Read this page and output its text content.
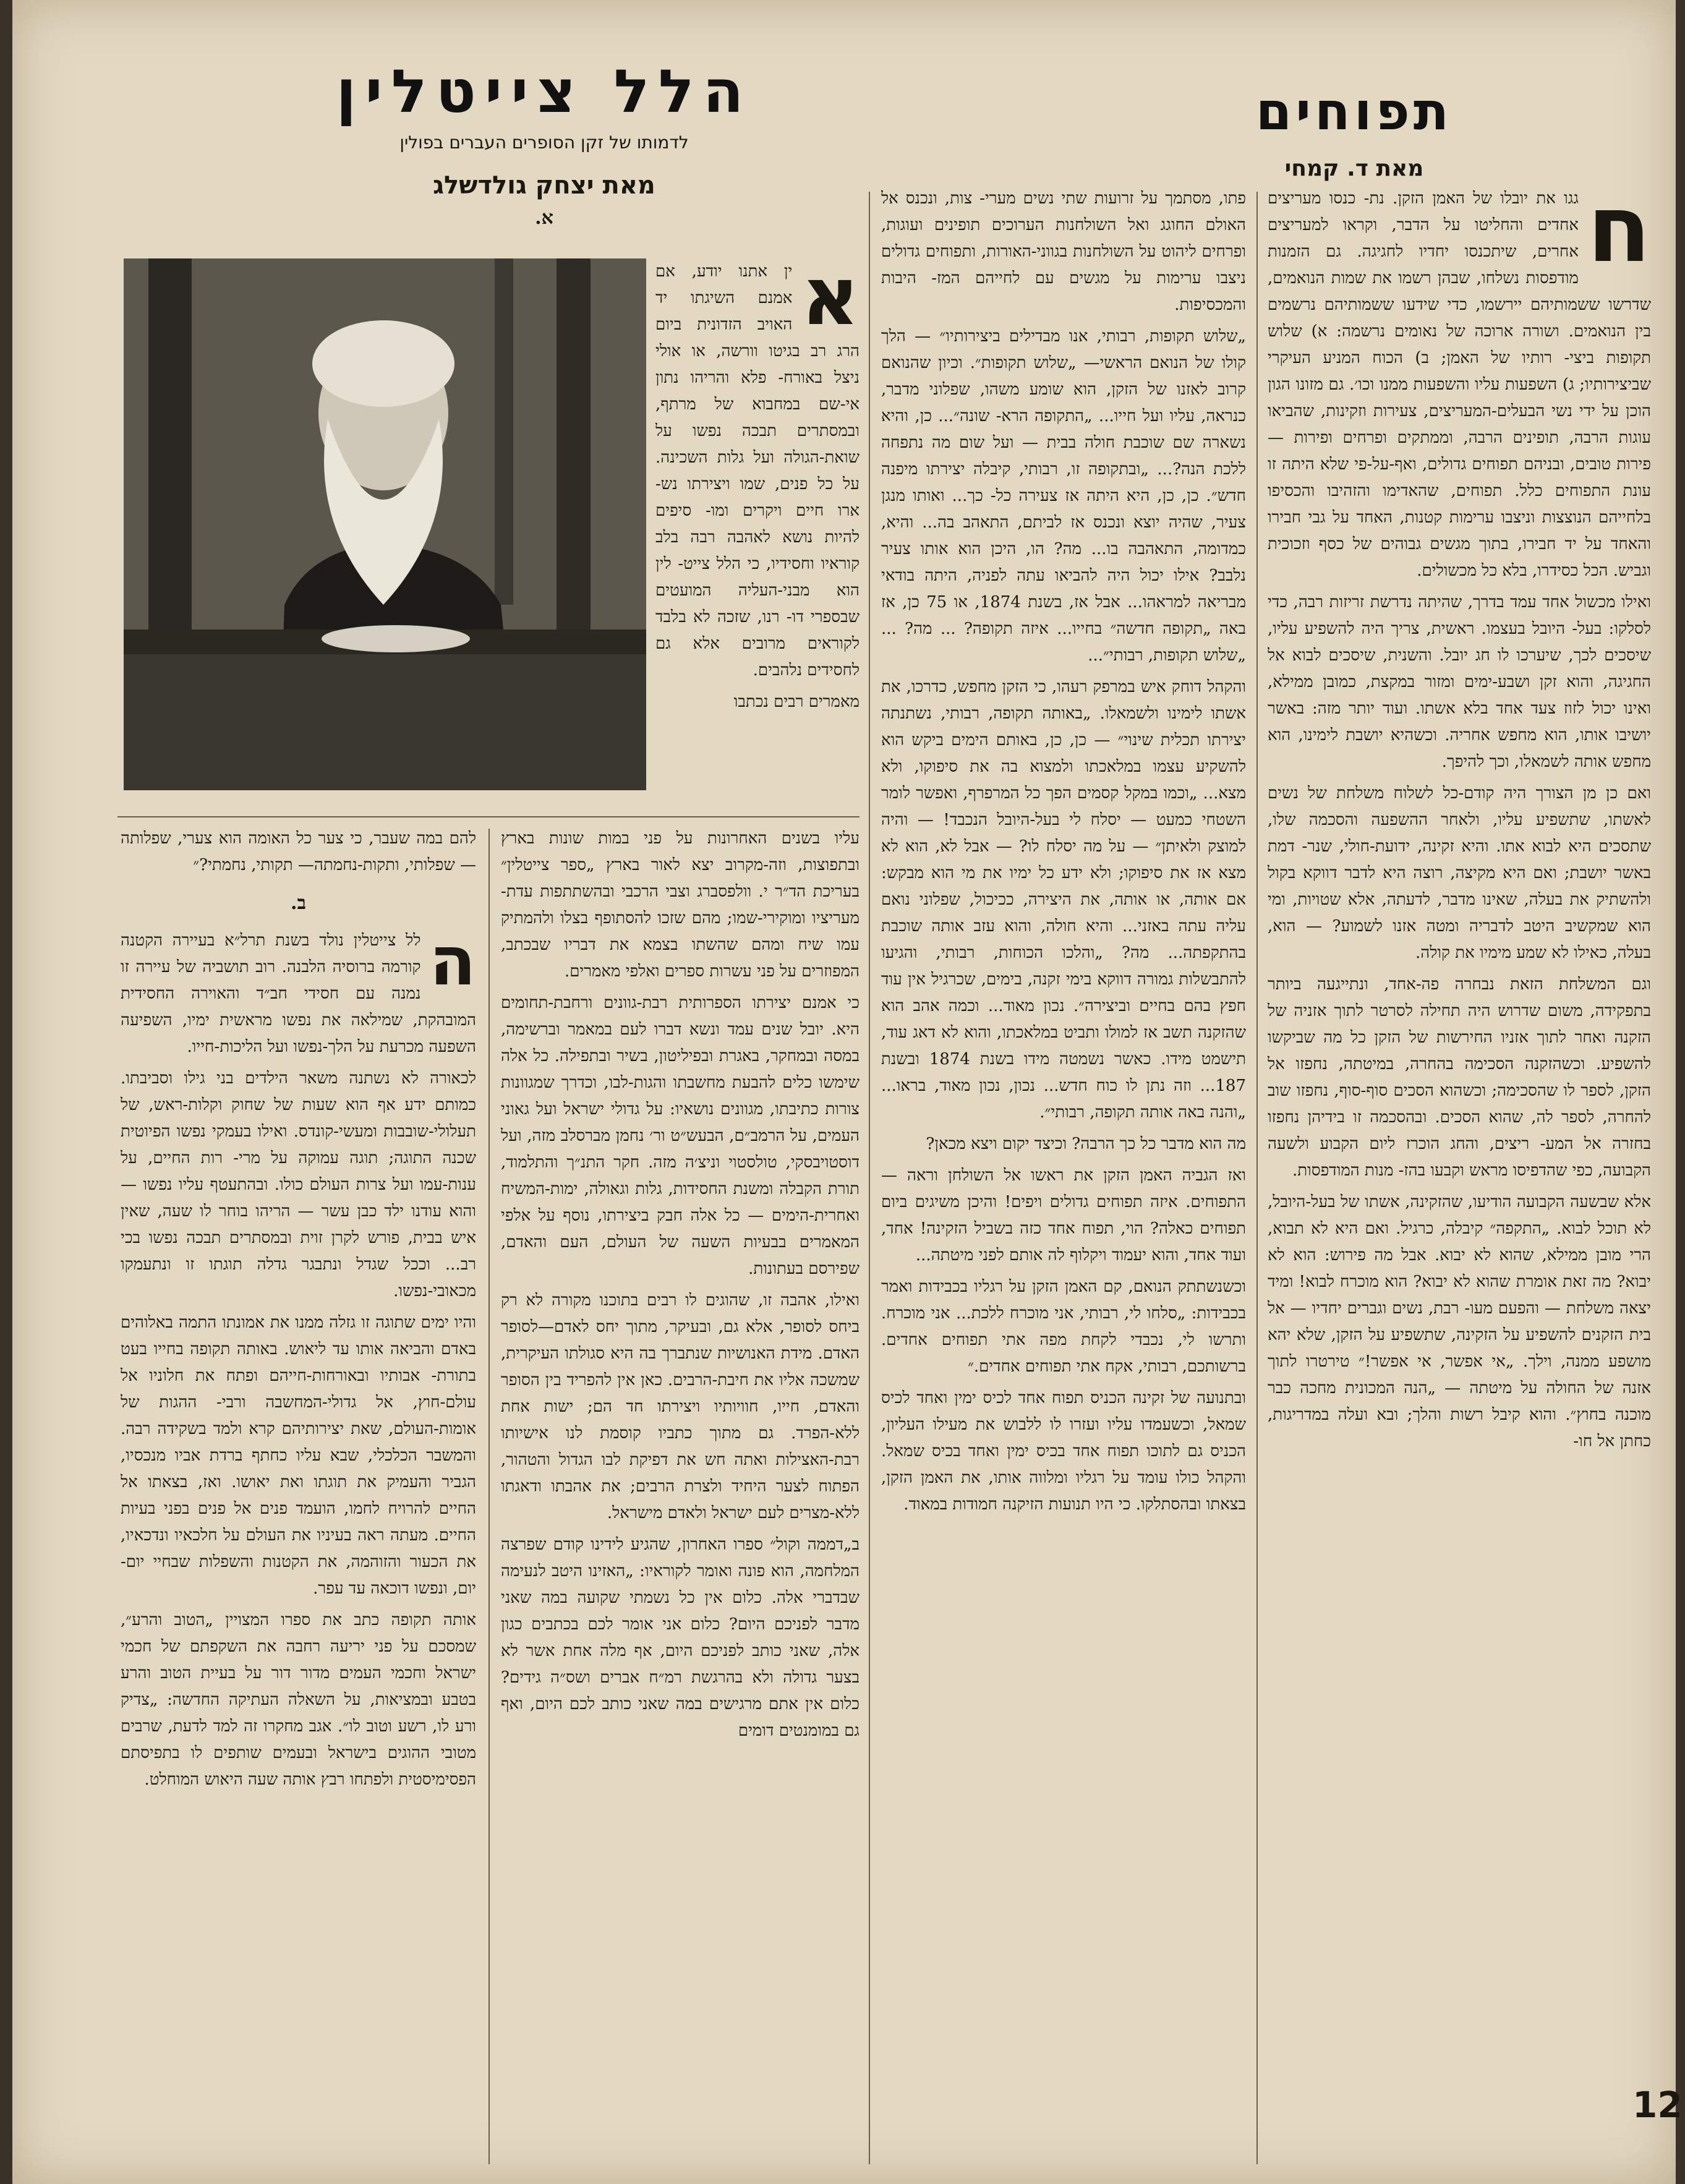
תפוחים
מאת ד. קמחי
הלל צייטלין
לדמותו של זקן הסופרים העברים בפולין
מאת יצחק גולדשלג
א.	ח

גגו את יובלו של האמן הזקן. נת- כנסו מעריצים אחדים והחליטו על הדבר, וקראו למעריצים אחרים, שיתכנסו יחדיו לחגיגה. גם הזמנות מודפסות נשלחו, שבהן רשמו את שמות הנואמים, שדרשו ששמותיהם יירשמו, כדי שידעו ששמותיהם נרשמים בין הנואמים. ושורה ארוכה של נאומים נרשמה: א) שלוש תקופות ביצי- רותיו של האמן; ב) הכוח המניע העיקרי שביצירותיו; ג) השפעות עליו והשפעות ממנו וכו׳. גם מזונו הגון הוכן על ידי נשי הבעלים-המעריצים, צעירות וזקינות, שהביאו עוגות הרבה, תופינים הרבה, וממתקים ופרחים ופירות — פירות טובים, ובניהם תפוחים גדולים, ואף-על-פי שלא היתה זו עונת התפוחים כלל. תפוחים, שהאדימו והזהיבו והכסיפו בלחייהם הנוצצות וניצבו ערימות קטנות, האחד על גבי חבירו והאחד על יד חבירו, בתוך מגשים גבוהים של כסף וזכוכית וגביש. הכל כסידרו, בלא כל מכשולים.

ואילו מכשול אחד עמד בדרך, שהיתה נדרשת זריזות רבה, כדי לסלקו: בעל- היובל בעצמו. ראשית, צריך היה להשפיע עליו, שיסכים לכך, שיערכו לו חג יובל. והשנית, שיסכים לבוא אל החגיגה, והוא זקן ושבע-ימים ומזור במקצת, כמובן ממילא, ואינו יכול לזוז צעד אחד בלא אשתו. ועוד יותר מזה: באשר יושיבו אותו, הוא מחפש אחריה. וכשהיא יושבת לימינו, הוא מחפש אותה לשמאלו, וכך להיפך.

ואם כן מן הצורך היה קודם-כל לשלוח משלחת של נשים לאשתו, שתשפיע עליו, ולאחר ההשפעה והסכמה שלו, שתסכים היא לבוא אתו. והיא זקינה, ידועת-חולי, שנר- דמת באשר יושבת; ואם היא מקיצה, רוצה היא לדבר דווקא בקול ולהשתיק את בעלה, שאינו מדבר, לדעתה, אלא שטויות, ומי הוא שמקשיב היטב לדבריה ומטה אזנו לשמוע? — הוא, בעלה, כאילו לא שמע מימיו את קולה.

וגם המשלחת הזאת נבחרה פה-אחד, ונתייגעה ביותר בתפקידה, משום שדרוש היה תחילה לסרטר לתוך אזניה של הזקנה ואחר לתוך אזניו החירשות של הזקן כל מה שביקשו להשפיע. וכשהזקנה הסכימה בהחרה, במיטתה, נחפזו אל הזקן, לספר לו שהסכימה; וכשהוא הסכים סוף-סוף, נחפזו שוב להחרה, לספר לה, שהוא הסכים. ובהסכמה זו בידיהן נחפזו בחזרה אל המע- ריצים, והחג הוכרז ליום הקבוע ולשעה הקבועה, כפי שהדפיסו מראש וקבעו בהז- מנות המודפסות.

אלא שבשעה הקבועה הודיעו, שהזקינה, אשתו של בעל-היובל, לא תוכל לבוא. „התקפה״ קיבלה, כרגיל. ואם היא לא תבוא, הרי מובן ממילא, שהוא לא יבוא. אבל מה פירוש: הוא לא יבוא? מה זאת אומרת שהוא לא יבוא? הוא מוכרח לבוא! ומיד יצאה משלחת — והפעם מעו- רבת, נשים וגברים יחדיו — אל בית הזקנים להשפיע על הזקינה, שתשפיע על הזקן, שלא יהא מושפע ממנה, וילך. „אי אפשר, אי אפשר!״ טירטרו לתוך אזנה של החולה על מיטתה — „הנה המכונית מחכה כבר מוכנה בחוץ״. והוא קיבל רשות והלך; ובא ועלה במדריגות, כחתן אל חו-

פתו, מסתמך על זרועות שתי נשים מערי- צות, ונכנס אל האולם החוגג ואל השולחנות הערוכים תופינים ועוגות, ופרחים ליהוט על השולחנות בגווני-האורות, ותפוחים גדולים ניצבו ערימות על מגשים עם לחייהם המז- היבות והמכסיפות.

„שלוש תקופות, רבותי, אנו מבדילים ביצירותיו״ — הלך קולו של הנואם הראשי— „שלוש תקופות״. וכיון שהנואם קרוב לאזנו של הזקן, הוא שומע משהו, שפלוני מדבר, כנראה, עליו ועל חייו... „התקופה הרא- שונה״... כן, והיא נשארה שם שוכבת חולה בבית — ועל שום מה נתפחה ללכת הנה?... „ובתקופה זו, רבותי, קיבלה יצירתו מיפנה חדש״. כן, כן, היא היתה אז צעירה כל- כך... ואותו מנגן צעיר, שהיה יוצא ונכנס אז לביתם, התאהב בה... והיא, כמדומה, התאהבה בו... מה? הו, היכן הוא אותו צעיר נלבב? אילו יכול היה להביאו עתה לפניה, היתה בודאי מבריאה למראהו... אבל אז, בשנת 1874, או 75 כן, אז באה „תקופה חדשה״ בחייו... איזה תקופה? ... מה? ... „שלוש תקופות, רבותי״...

והקהל דוחק איש במרפק רעהו, כי הזקן מחפש, כדרכו, את אשתו לימינו ולשמאלו. „באותה תקופה, רבותי, נשתנתה יצירתו תכלית שינוי״ — כן, כן, באותם הימים ביקש הוא להשקיע עצמו במלאכתו ולמצוא בה את סיפוקו, ולא מצא... „וכמו במקל קסמים הפך כל המרפרף, ואפשר לומר השטחי כמעט — יסלח לי בעל-היובל הנכבד! — והיה למוצק ולאיתן״ — על מה יסלח לו? — אבל לא, הוא לא מצא אז את סיפוקו; ולא ידע כל ימיו את מי הוא מבקש: אם אותה, או אותה, את היצירה, ככיכול, שפלוני נואם עליה עתה באזני... והיא חולה, והוא עזב אותה שוכבת בהתקפתה... מה? „והלכו הכוחות, רבותי, והגיעו להתבשלות גמורה דווקא בימי זקנה, בימים, שכרגיל אין עוד חפץ בהם בחיים וביצירה״. נכון מאוד... וכמה אהב הוא שהזקנה תשב אז למולו ותביט במלאכתו, והוא לא דאג עוד, תישמט מידו. כאשר נשמטה מידו בשנת 1874 ובשנת 187... וזה נתן לו כוח חדש... נכון, נכון מאוד, בראו... „והנה באה אותה תקופה, רבותי״.

מה הוא מדבר כל כך הרבה? וכיצד יקום ויצא מכאן?

ואז הגביה האמן הזקן את ראשו אל השולחן וראה — התפוחים. איזה תפוחים גדולים ויפים! והיכן משיגים ביום תפוחים כאלה? הוי, תפוח אחד כזה בשביל הזקינה! אחד, ועוד אחד, והוא יעמוד ויקלוף לה אותם לפני מיטתה...

וכשנשתתק הנואם, קם האמן הזקן על רגליו בכבידות ואמר בכבידות: „סלחו לי, רבותי, אני מוכרח ללכת... אני מוכרח. ותרשו לי, נכבדי לקחת מפה אתי תפוחים אחדים. ברשותכם, רבותי, אקח אתי תפוחים אחדים.״

ובתנועה של זקינה הכניס תפוח אחד לכיס ימין ואחד לכיס שמאל, וכשעמדו עליו ועזרו לו ללבוש את מעילו העליון, הכניס גם לתוכו תפוח אחד בכיס ימין ואחד בכיס שמאל. והקהל כולו עומד על רגליו ומלווה אותו, את האמן הזקן, בצאתו ובהסתלקו. כי היו תנועות הזיקנה חמודות במאוד.

א

ין אתנו יודע, אם אמנם השיגתו יד האויב הזדונית ביום הרג רב בגיטו וורשה, או אולי ניצל באורח- פלא והריהו נתון אי-שם במחבוא של מרתף, ובמסתרים תבכה נפשו על שואת-הגולה ועל גלות השכינה. על כל פנים, שמו ויצירתו נש- ארו חיים ויקרים ומו- סיפים להיות נושא לאהבה רבה בלב קוראיו וחסידיו, כי הלל צייט- לין הוא מבני-העליה המועטים שבספרי דו- רנו, שזכה לא בלבד לקוראים מרובים אלא גם לחסידים נלהבים.

מאמרים רבים נכתבו

עליו בשנים האחרונות על פני במות שונות בארץ ובתפוצות, וזה-מקרוב יצא לאור בארץ „ספר צייטלין״ בעריכת הד״ר י. וולפסברג וצבי הרכבי ובהשתתפות עדת- מעריציו ומוקירי-שמו; מהם שזכו להסתופף בצלו ולהמתיק עמו שיח ומהם שהשתו בצמא את דבריו שבכתב, המפוזרים על פני עשרות ספרים ואלפי מאמרים.

כי אמנם יצירתו הספרותית רבת-גוונים ורחבת-תחומים היא. יובל שנים עמד ונשא דברו לעם במאמר וברשימה, במסה ובמחקר, באגרת ובפיליטון, בשיר ובתפילה. כל אלה שימשו כלים להבעת מחשבתו והגות-לבו, וכדרך שמגוונות צורות כתיבתו, מגוונים נושאיו: על גדולי ישראל ועל גאוני העמים, על הרמב״ם, הבעש״ט ור׳ נחמן מברסלב מזה, ועל דוסטויבסקי, טולסטוי וניצ׳ה מזה. חקר התנ״ך והתלמוד, תורת הקבלה ומשנת החסידות, גלות וגאולה, ימות-המשיח ואחרית-הימים — כל אלה חבק ביצירתו, נוסף על אלפי המאמרים בבעיות השעה של העולם, העם והאדם, שפירסם בעתונות.

ואילו, אהבה זו, שהוגים לו רבים בתוכנו מקורה לא רק ביחס לסופר, אלא גם, ובעיקר, מתוך יחס לאדם—לסופר האדם. מידת האנושיות שנתברך בה היא סגולתו העיקרית, שמשכה אליו את חיבת-הרבים. כאן אין להפריד בין הסופר והאדם, חייו, חוויותיו ויצירתו חד הם; ישות אחת ללא-הפרד. גם מתוך כתביו קוסמת לנו אישיותו רבת-האצילות ואתה חש את דפיקת לבו הגדול והטהור, הפתוח לצער היחיד ולצרת הרבים; את אהבתו ודאגתו ללא-מצרים לעם ישראל ולאדם מישראל.

ב„דממה וקול״ ספרו האחרון, שהגיע לידינו קודם שפרצה המלחמה, הוא פונה ואומר לקוראיו: „האזינו היטב לנעימה שבדברי אלה. כלום אין כל נשמתי שקועה במה שאני מדבר לפניכם היום? כלום אני אומר לכם בכתבים כגון אלה, שאני כותב לפניכם היום, אף מלה אחת אשר לא בצער גדולה ולא בהרגשת רמ״ח אברים ושס״ה גידים? כלום אין אתם מרגישים במה שאני כותב לכם היום, ואף גם במומנטים דומים

להם במה שעבר, כי צער כל האומה הוא צערי, שפלותה — שפלותי, ותקות-נחמתה— תקותי, נחמתי?״

ב.
ה

לל צייטלין נולד בשנת תרל״א בעיירה הקטנה קורמה ברוסיה הלבנה. רוב תושביה של עיירה זו נמנה עם חסידי חב״ד והאוירה החסידית המובהקת, שמילאה את נפשו מראשית ימיו, השפיעה השפעה מכרעת על הלך-נפשו ועל הליכות-חייו.

לכאורה לא נשתנה משאר הילדים בני גילו וסביבתו. כמותם ידע אף הוא שעות של שחוק וקלות-ראש, של תעלולי-שובבות ומעשי-קונדס. ואילו בעמקי נפשו הפיוטית שכנה התוגה; תוגה עמוקה על מרי- רות החיים, על ענות-עמו ועל צרות העולם כולו. ובהתעטף עליו נפשו — והוא עודנו ילד כבן עשר — הריהו בוחר לו שעה, שאין איש בבית, פורש לקרן זוית ובמסתרים תבכה נפשו בכי רב... וככל שגדל ונתבגר גדלה תוגתו זו ונתעמקו מכאובי-נפשו.

והיו ימים שתוגה זו גזלה ממנו את אמונתו התמה באלוהים באדם והביאה אותו עד ליאוש. באותה תקופה בחייו בעט בתורת- אבותיו ובאורחות-חייהם ופתח את חלוניו אל עולם-חוץ, אל גדולי-המחשבה ורבי- ההגות של אומות-העולם, שאת יצירותיהם קרא ולמד בשקידה רבה. והמשבר הכלכלי, שבא עליו כחתף ברדת אביו מנכסיו, הגביר והעמיק את תוגתו ואת יאושו. ואז, בצאתו אל החיים להרויח לחמו, הועמד פנים אל פנים בפני בעיות החיים. מעתה ראה בעיניו את העולם על חלכאיו ונדכאיו, את הכעור והזוהמה, את הקטנות והשפלות שבחיי יום- יום, ונפשו דוכאה עד עפר.

אותה תקופה כתב את ספרו המצויין „הטוב והרע״, שמסכם על פני יריעה רחבה את השקפתם של חכמי ישראל וחכמי העמים מדור דור על בעיית הטוב והרע בטבע ובמציאות, על השאלה העתיקה החדשה: „צדיק ורע לו, רשע וטוב לו״. אגב מחקרו זה למד לדעת, שרבים מטובי ההוגים בישראל ובעמים שותפים לו בתפיסתם הפסימיסטית ולפתחו רבץ אותה שעה היאוש המוחלט.

12
